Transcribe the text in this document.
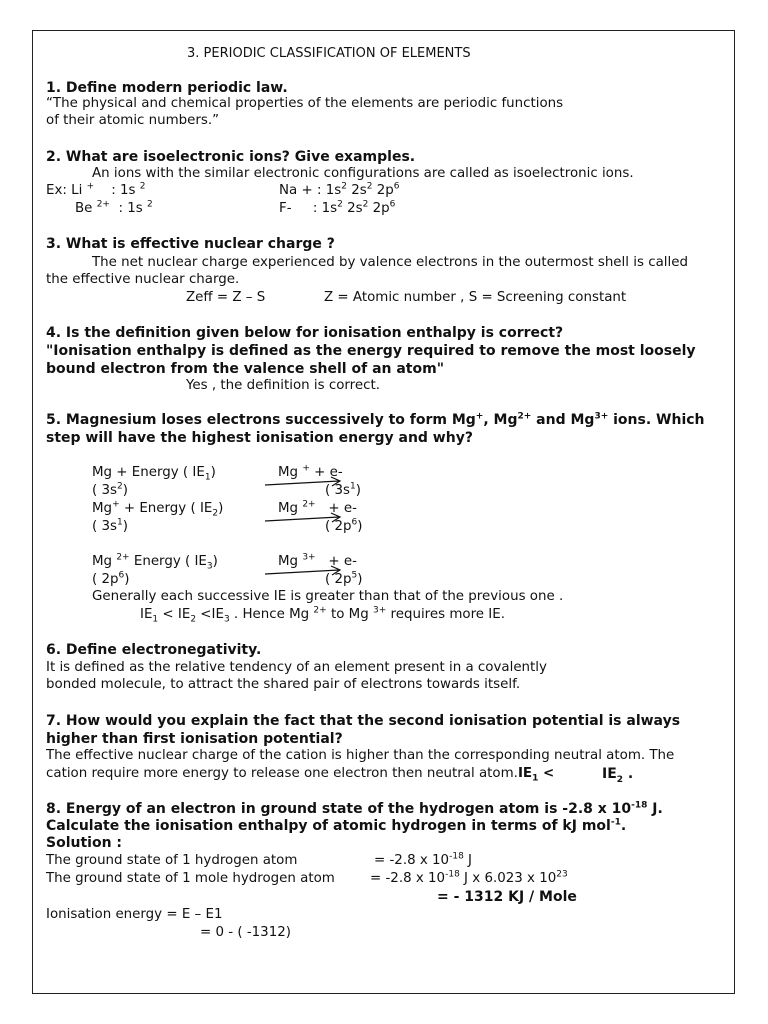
3. PERIODIC CLASSIFICATION OF ELEMENTS
1. Define modern periodic law.
“The physical and chemical properties of the elements are periodic functions
of their atomic numbers.”
2. What are isoelectronic ions? Give examples.
An ions with the similar electronic configurations are called as isoelectronic ions.
Ex: Li + : 1s $^2$	Na + : $1s^2$ $2s^2$ $2p^6$
Be $^{2+}$ : 1s $^2$	F- : $1s^2$ $2s^2$ $2p^6$
3. What is effective nuclear charge ?
The net nuclear charge experienced by valence electrons in the outermost shell is called
the effective nuclear charge.
Zeff = Z – S	Z = Atomic number , S = Screening constant
4. Is the definition given below for ionisation enthalpy is correct?
"Ionisation enthalpy is defined as the energy required to remove the most loosely
bound electron from the valence shell of an atom"
Yes , the definition is correct.
5. Magnesium loses electrons successively to form Mg+, $Mg^{2+}$ and $Mg^{3+}$ ions. Which
step will have the highest ionisation energy and why?
Mg + Energy ( $IE_1$)	Mg + + e-
( $3s^2$)	( $3s^1$)
Mg+ + Energy ( $IE_2$)	Mg $^{2+}$ + e-
( $3s^1$)	( $2p^6$)
Mg $^{2+}$ Energy ( $IE_3$)	Mg $^{3+}$ + e-
( $2p^6$)	( $2p^5$)
Generally each successive IE is greater than that of the previous one .
$IE_1 < IE_2 <IE_3$ . Hence Mg $^{2+}$ to Mg $^{3+}$ requires more IE.
6. Define electronegativity.
It is defined as the relative tendency of an element present in a covalently
bonded molecule, to attract the shared pair of electrons towards itself.
7. How would you explain the fact that the second ionisation potential is always
higher than first ionisation potential?
The effective nuclear charge of the cation is higher than the corresponding neutral atom. The
cation require more energy to release one electron then neutral $atom.IE_1$ <	$IE_2$ .
8. Energy of an electron in ground state of the hydrogen atom is -2.8 x $10^{-18}$ J.
Calculate the ionisation enthalpy of atomic hydrogen in terms of kJ mol$^{-1}$.
Solution :
The ground state of 1 hydrogen atom	= -2.8 x $10^{-18}$ J
The ground state of 1 mole hydrogen atom	= -2.8 x $10^{-18}$ J x 6.023 x $10^{23}$
= - 1312 KJ / Mole
Ionisation energy = E – E1
= 0 - ( -1312)
